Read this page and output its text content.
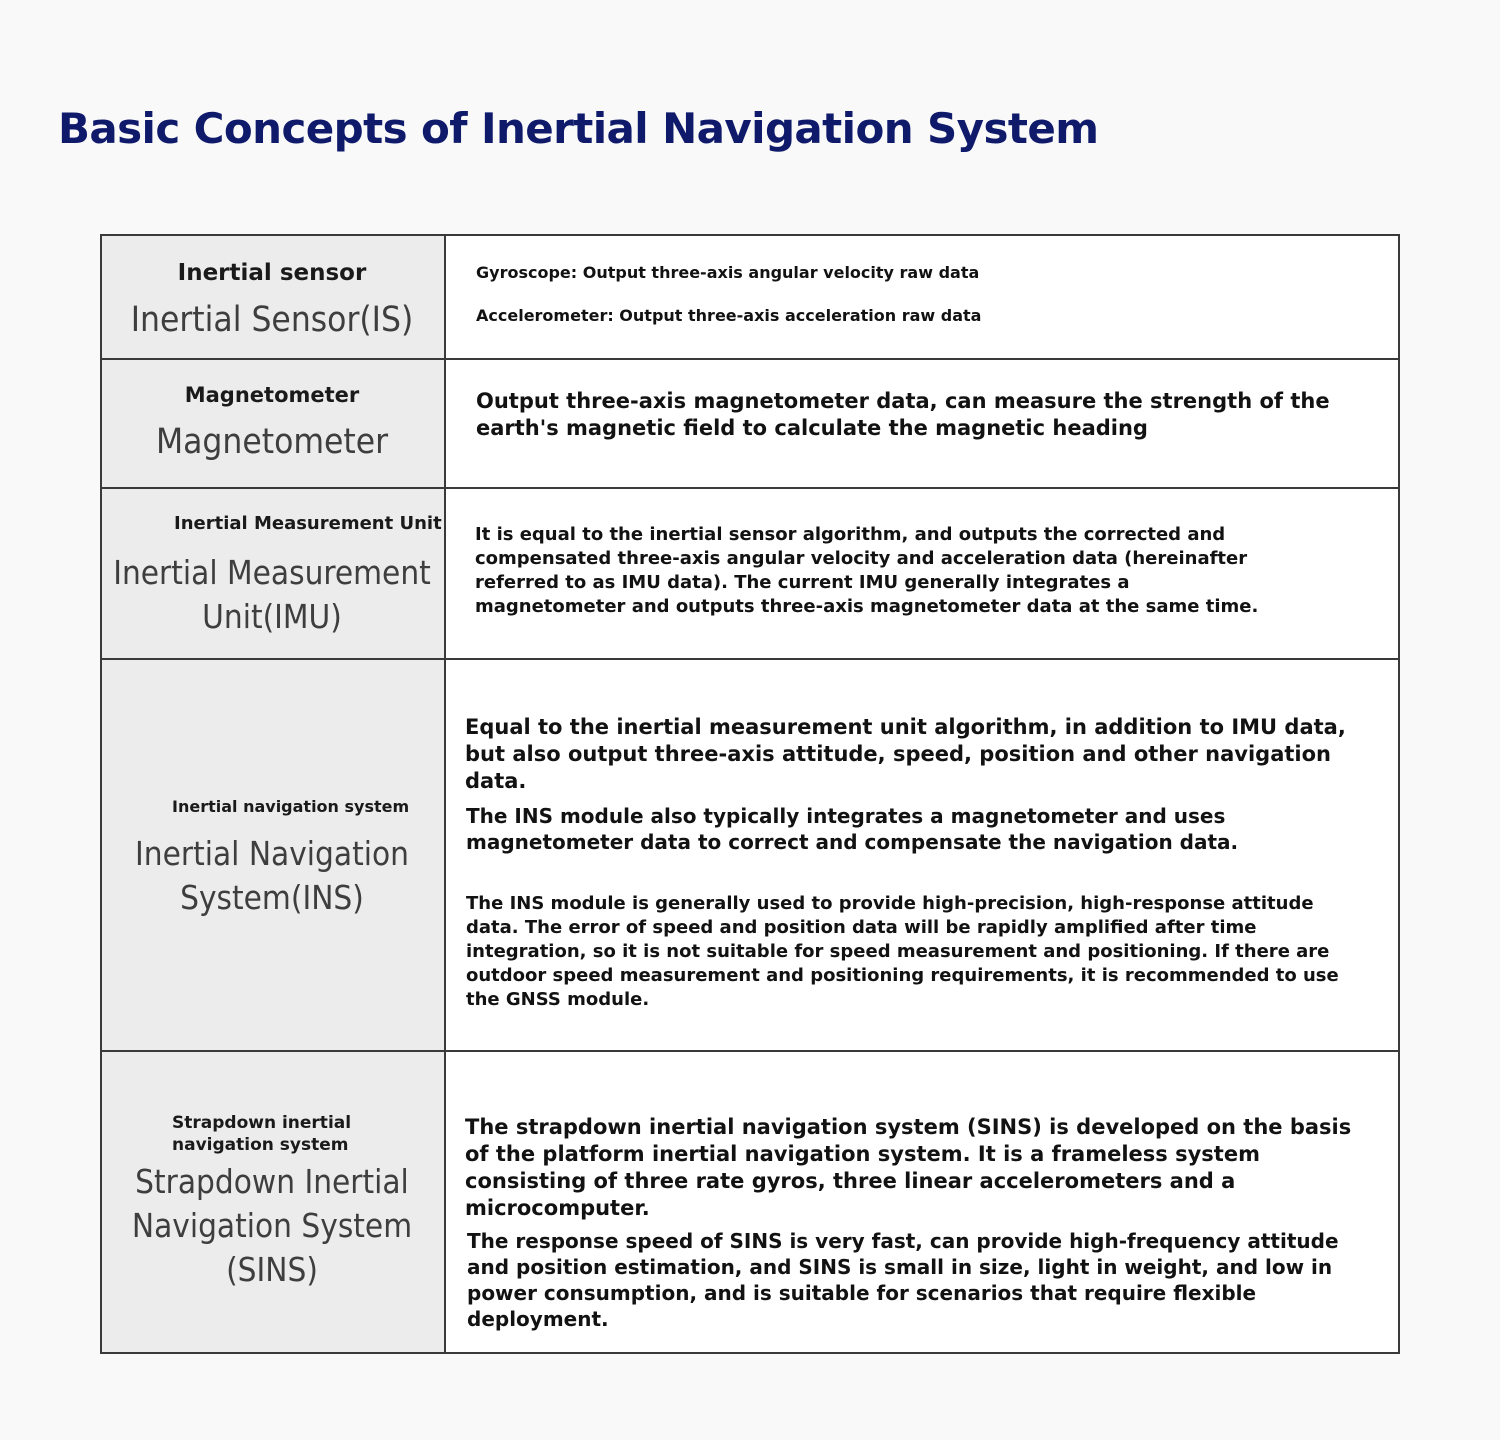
Basic Concepts of Inertial Navigation System
Inertial sensor
Inertial Sensor(IS)

Gyroscope: Output three-axis angular velocity raw data

Accelerometer: Output three-axis acceleration raw data

Magnetometer
Magnetometer

Output three-axis magnetometer data, can measure the strength of the earth's magnetic field to calculate the magnetic heading

Inertial Measurement Unit
Inertial Measurement Unit(IMU)

It is equal to the inertial sensor algorithm, and outputs the corrected and compensated three-axis angular velocity and acceleration data (hereinafter referred to as IMU data). The current IMU generally integrates a magnetometer and outputs three-axis magnetometer data at the same time.

Inertial navigation system
Inertial Navigation System(INS)

Equal to the inertial measurement unit algorithm, in addition to IMU data, but also output three-axis attitude, speed, position and other navigation data.

The INS module also typically integrates a magnetometer and uses magnetometer data to correct and compensate the navigation data.

The INS module is generally used to provide high-precision, high-response attitude data. The error of speed and position data will be rapidly amplified after time integration, so it is not suitable for speed measurement and positioning. If there are outdoor speed measurement and positioning requirements, it is recommended to use the GNSS module.

Strapdown inertial navigation system
Strapdown Inertial Navigation System (SINS)

The strapdown inertial navigation system (SINS) is developed on the basis of the platform inertial navigation system. It is a frameless system consisting of three rate gyros, three linear accelerometers and a microcomputer.

The response speed of SINS is very fast, can provide high-frequency attitude and position estimation, and SINS is small in size, light in weight, and low in power consumption, and is suitable for scenarios that require flexible deployment.
